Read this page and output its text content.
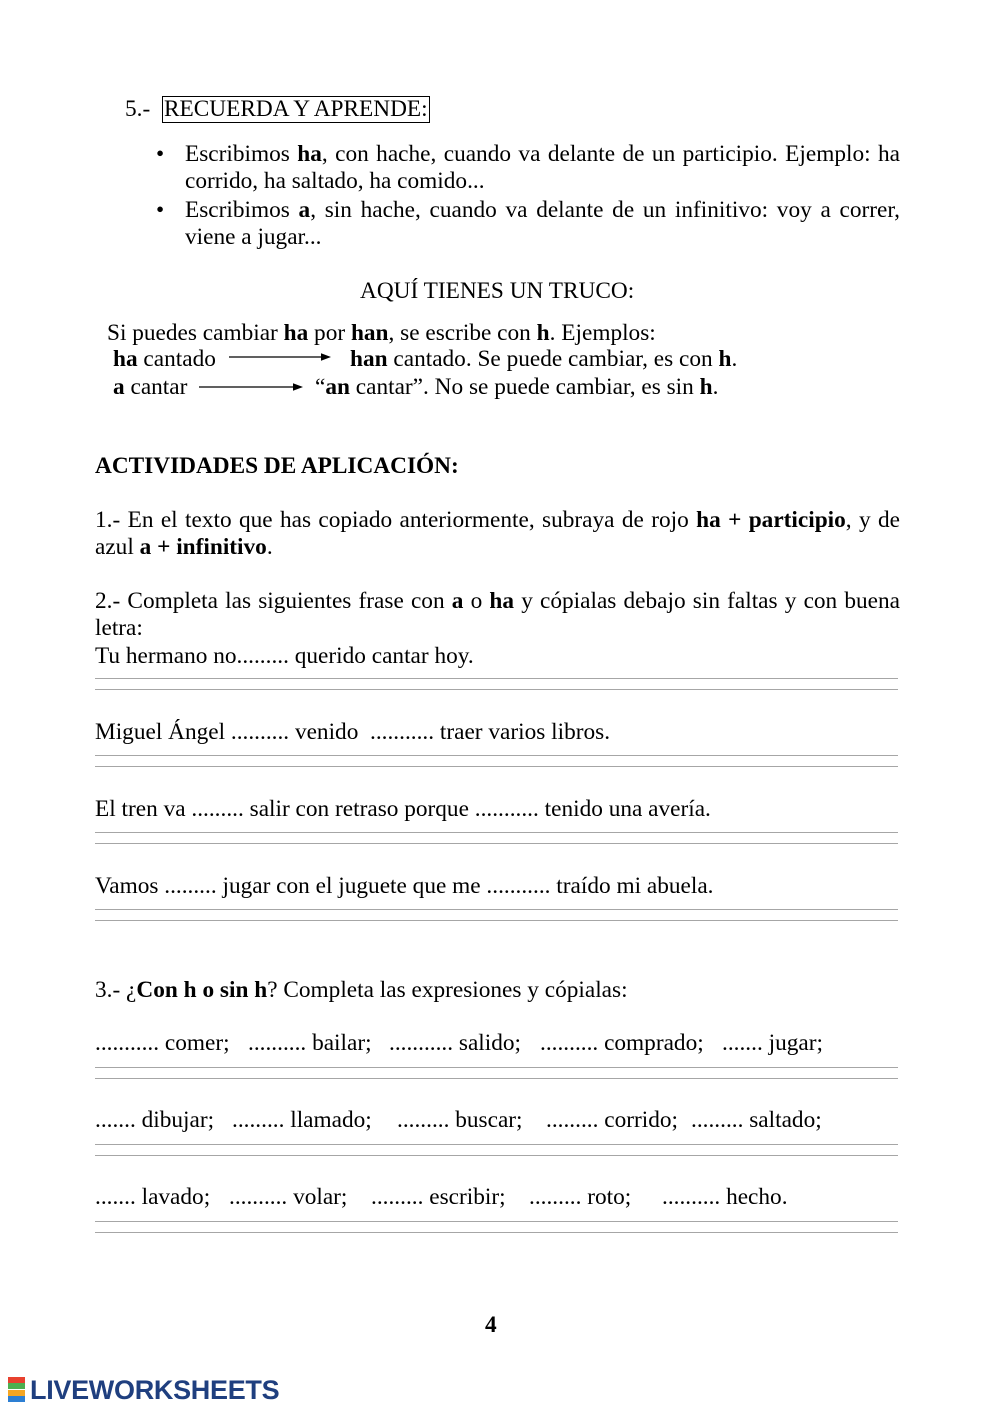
5.- RECUERDA Y APRENDE:
• Escribimos ha, con hache, cuando va delante de un participio. Ejemplo: ha
corrido, ha saltado, ha comido...
• Escribimos a, sin hache, cuando va delante de un infinitivo: voy a correr,
viene a jugar...
AQUÍ TIENES UN TRUCO:
Si puedes cambiar ha por han, se escribe con h. Ejemplos:
ha cantado	han cantado. Se puede cambiar, es con h.
a cantar	“an cantar”. No se puede cambiar, es sin h.
ACTIVIDADES DE APLICACIÓN:
1.- En el texto que has copiado anteriormente, subraya de rojo ha + participio, y de
azul a + infinitivo.
2.- Completa las siguientes frase con a o ha y cópialas debajo sin faltas y con buena
letra:
Tu hermano no......... querido cantar hoy.
Miguel Ángel .......... venido  ........... traer varios libros.
El tren va ......... salir con retraso porque ........... tenido una avería.
Vamos ......... jugar con el juguete que me ........... traído mi abuela.
3.- ¿Con h o sin h? Completa las expresiones y cópialas:
........... comer; .......... bailar; ........... salido; .......... comprado; ....... jugar;
....... dibujar; ......... llamado; ......... buscar; ......... corrido; ......... saltado;
....... lavado; .......... volar; ......... escribir; ......... roto; .......... hecho.
4
LIVEWORKSHEETS
